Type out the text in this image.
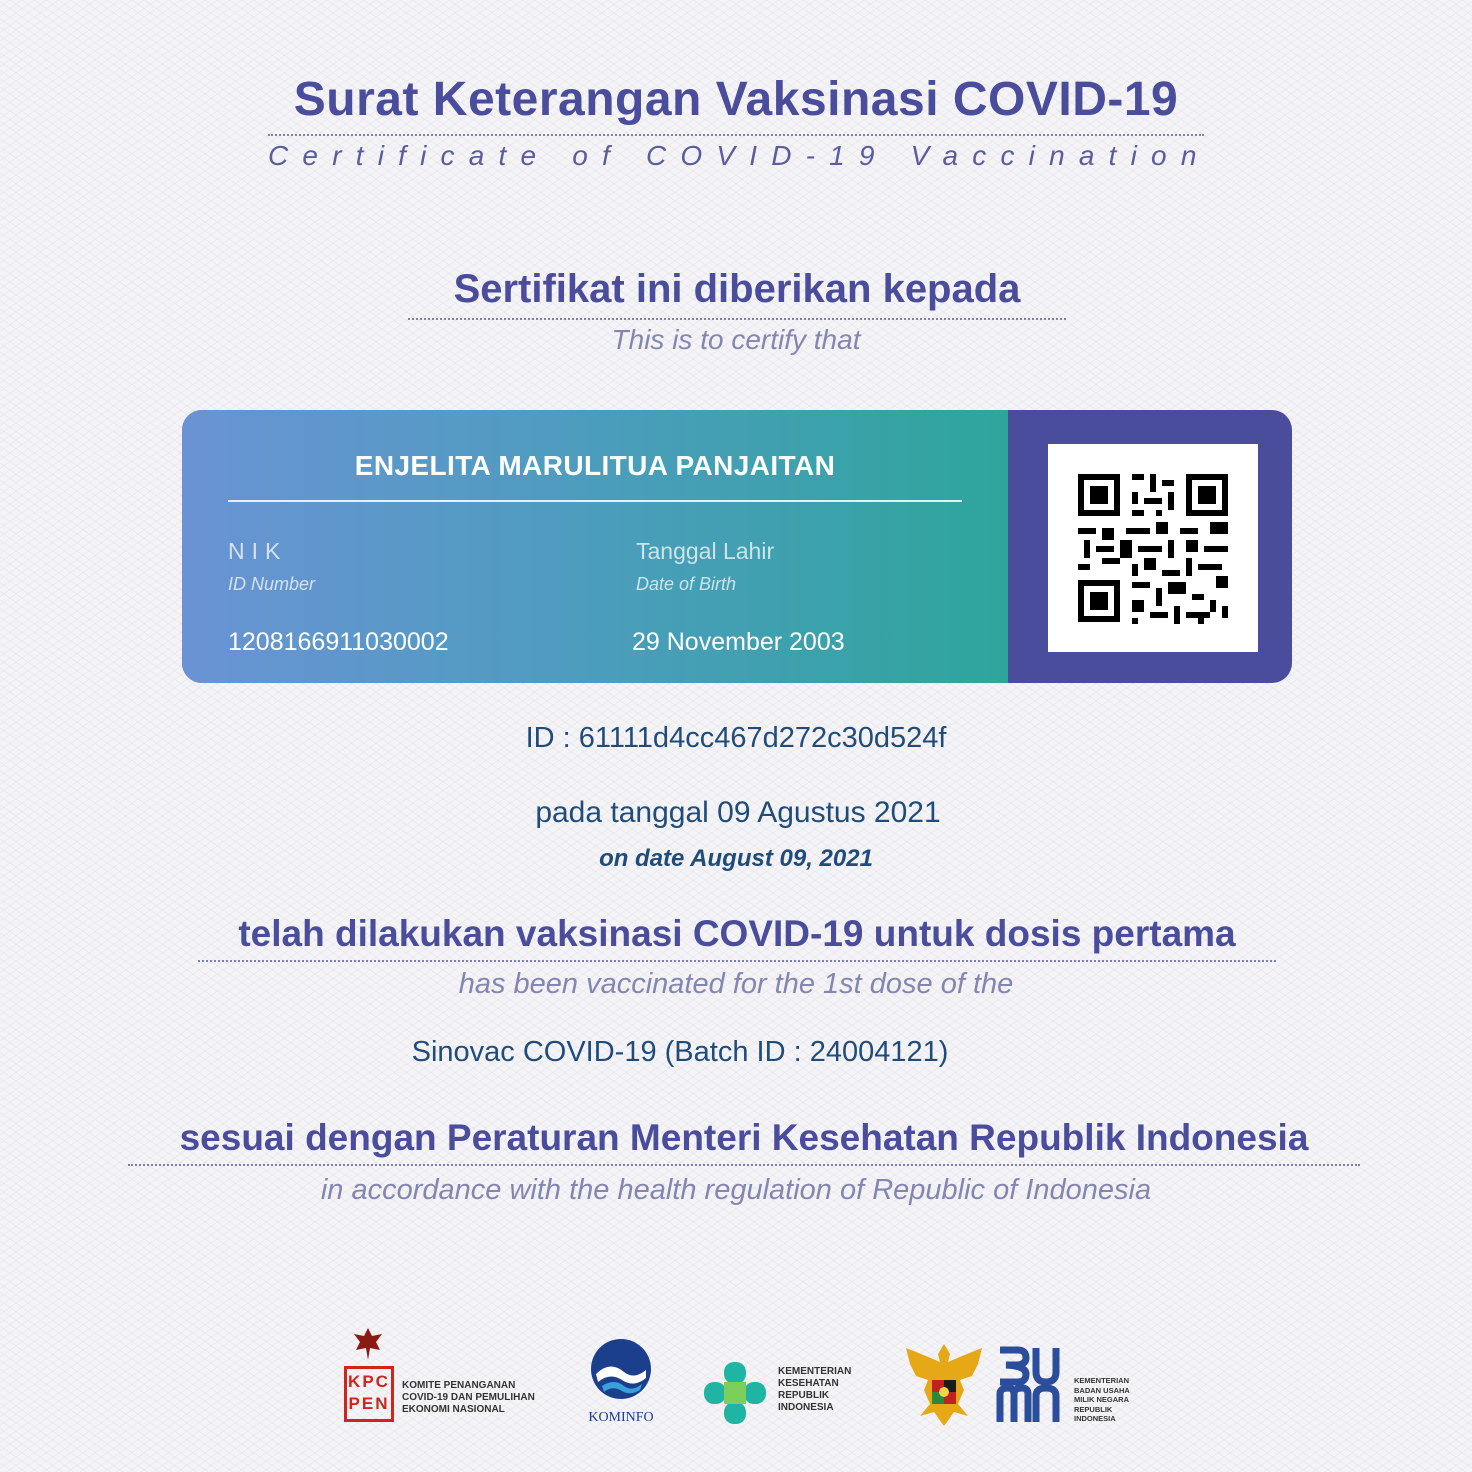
Surat Keterangan Vaksinasi COVID-19
Certificate of COVID-19 Vaccination
Sertifikat ini diberikan kepada
This is to certify that
ENJELITA MARULITUA PANJAITAN
NIK
ID Number
1208166911030002
Tanggal Lahir
Date of Birth
29 November 2003
ID : 61111d4cc467d272c30d524f
pada tanggal 09 Agustus 2021
on date August 09, 2021
telah dilakukan vaksinasi COVID-19 untuk dosis pertama
has been vaccinated for the 1st dose of the
Sinovac COVID-19 (Batch ID : 24004121)
sesuai dengan Peraturan Menteri Kesehatan Republik Indonesia
in accordance with the health regulation of Republic of Indonesia
KPC PEN
KOMITE PENANGANAN COVID-19 DAN PEMULIHAN EKONOMI NASIONAL
KOMINFO
KEMENTERIAN KESEHATAN REPUBLIK INDONESIA
KEMENTERIAN BADAN USAHA MILIK NEGARA REPUBLIK INDONESIA
